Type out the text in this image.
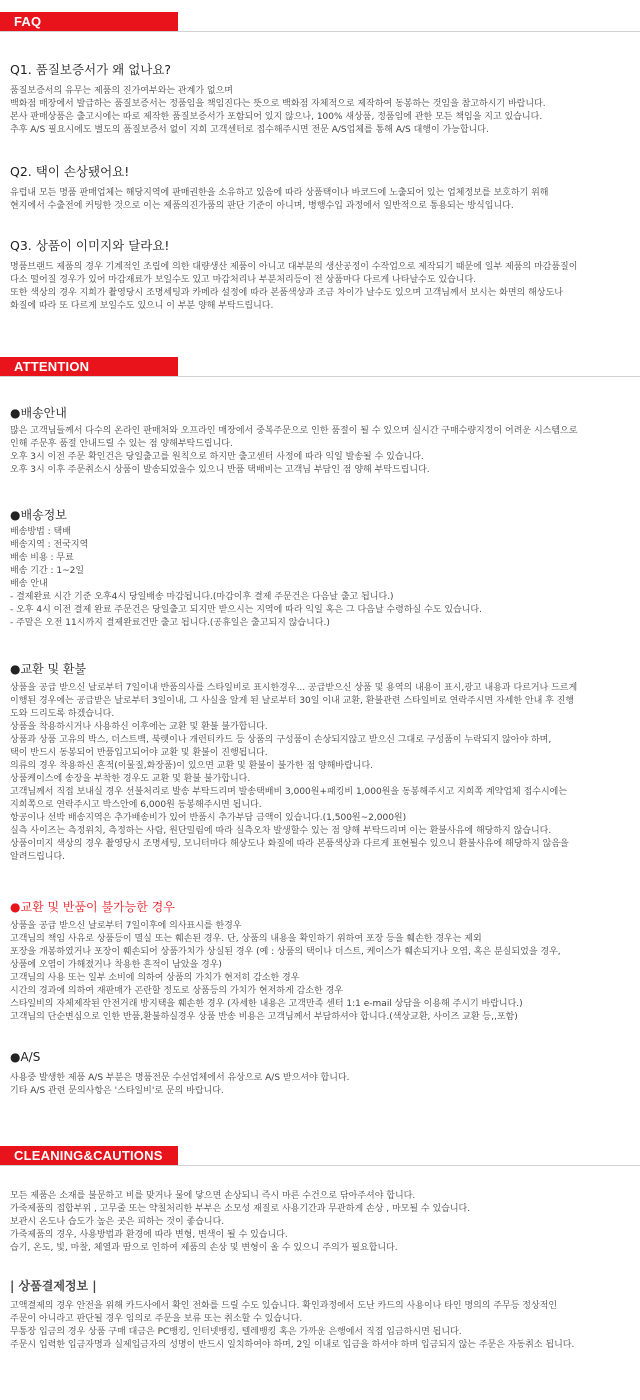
FAQ
Q1. 품질보증서가 왜 없나요?
품질보증서의 유무는 제품의 진가여부와는 관계가 없으며
백화점 매장에서 발급하는 품질보증서는 정품임을 책임진다는 뜻으로 백화점 자체적으로 제작하여 동봉하는 것임을 참고하시기 바랍니다.
본사 판매상품은 출고시에는 따로 제작한 품질보증서가 포함되어 있지 않으나, 100% 새상품, 정품임에 관한 모든 책임을 지고 있습니다.
추후 A/S 필요시에도 별도의 품질보증서 없이 지희 고객센터로 접수해주시면 전문 A/S업체를 통해 A/S 대행이 가능합니다.
Q2. 택이 손상됐어요!
유럽내 모든 명품 판매업체는 해당지역에 판매권한을 소유하고 있음에 따라 상품택이나 바코드에 노출되어 있는 업체정보를 보호하기 위해
현지에서 수출전에 커팅한 것으로 이는 제품의진가품의 판단 기준이 아니며, 병행수입 과정에서 일반적으로 통용되는 방식입니다.
Q3. 상품이 이미지와 달라요!
명품브랜드 제품의 경우 기계적인 조립에 의한 대량생산 제품이 아니고 대부분의 생산공정이 수작업으로 제작되기 때문에 일부 제품의 마감품질이
다소 떨어질 경우가 있어 마감재료가 보일수도 있고 마감처리나 부분처리등이 전 상품마다 다르게 나타날수도 있습니다.
또한 색상의 경우 지희가 촬영당시 조명세팅과 카메라 설정에 따라 본품색상과 조금 차이가 날수도 있으며 고객님께서 보시는 화면의 해상도나
화질에 따라 또 다르게 보일수도 있으니 이 부분 양해 부탁드립니다.
ATTENTION
●배송안내
많은 고객님들께서 다수의 온라인 판매처와 오프라인 매장에서 중복주문으로 인한 품절이 될 수 있으며 실시간 구매수량지정이 어려운 시스템으로
인해 주문후 품절 안내드릴 수 있는 점 양해부탁드립니다.
오후 3시 이전 주문 확인건은 당일출고를 원칙으로 하지만 출고센터 사정에 따라 익일 발송될 수 있습니다.
오후 3시 이후 주문취소시 상품이 발송되었을수 있으니 반품 택배비는 고객님 부담인 점 양해 부탁드립니다.
●배송정보
배송방법 : 택배
배송지역 : 전국지역
배송 비용 : 무료
배송 기간 : 1~2일
배송 안내
- 결제완료 시간 기준 오후4시 당일배송 마감됩니다.(마감이후 결제 주문건은 다음날 출고 됩니다.)
- 오후 4시 이전 결제 완료 주문건은 당일출고 되지만 받으시는 지역에 따라 익일 혹은 그 다음날 수령하실 수도 있습니다.
- 주말은 오전 11시까지 결제완료건만 출고 됩니다.(공휴일은 출고되지 않습니다.)
●교환 및 환불
상품을 공급 받으신 날로부터 7일이내 반품의사를 스타일비로 표시한경우... 공급받으신 상품 및 용역의 내용이 표시,광고 내용과 다르거나 드르게
이행된 경우에는 공급받은 날로부터 3일이내, 그 사실을 알게 된 날로부터 30일 이내 교환, 환불관련 스타일비로 연락주시면 자세한 안내 후 진행
도와 드리도록 하겠습니다.
상품을 착용하시거나 사용하신 이후에는 교환 및 환불 불가합니다.
상품과 상품 고유의 박스, 더스트백, 북렛이나 개런티카드 등 상품의 구성품이 손상되지않고 받으신 그대로 구성품이 누락되지 않아야 하며,
택이 반드시 동봉되어 반품입고되어야 교환 및 환불이 진행됩니다.
의류의 경우 착용하신 흔적(이물질,화장품)이 있으면 교환 및 환불이 불가한 점 양해바랍니다.
상품케이스에 송장을 부착한 경우도 교환 및 환불 불가합니다.
고객님께서 직접 보내실 경우 선불처리로 발송 부탁드리며 발송택배비 3,000원+패킹비 1,000원을 동봉해주시고 지희쪽 계약업체 접수시에는
지희쪽으로 연락주시고 박스안에 6,000원 동봉해주시면 됩니다.
항공이나 선박 배송지역은 추가배송비가 있어 반품시 추가부담 금액이 있습니다.(1,500원~2,000원)
실측 사이즈는 측정위치, 측정하는 사람, 원단밀림에 따라 실측오차 발생할수 있는 점 양해 부탁드리며 이는 환불사유에 해당하지 않습니다.
상품이미지 색상의 경우 촬영당시 조명세팅, 모니터마다 해상도나 화질에 따라 본품색상과 다르게 표현될수 있으니 환불사유에 해당하지 않음을
알려드립니다.
●교환 및 반품이 불가능한 경우
상품을 공급 받으신 날로부터 7일이후에 의사표시를 한경우
고객님의 책임 사유로 상품등이 멸실 또는 훼손된 경우. 단, 상품의 내용을 확인하기 위하여 포장 등을 훼손한 경우는 제외
포장을 개봉하였거나 포장이 훼손되어 상품가치가 상실된 경우 (예 : 상품의 택이나 더스트, 케이스가 훼손되거나 오염, 혹은 분실되었을 경우,
상품에 오염이 가해졌거나 착용한 흔적이 남았을 경우)
고객님의 사용 또는 일부 소비에 의하여 상품의 가치가 현저히 감소한 경우
시간의 경과에 의하여 재판매가 곤란할 정도로 상품등의 가치가 현저하게 감소한 경우
스타일비의 자체제작된 안전거래 방지택을 훼손한 경우 (자세한 내용은 고객만족 센터 1:1 e-mail 상담을 이용해 주시기 바랍니다.)
고객님의 단순변심으로 인한 반품,환불하실경우 상품 반송 비용은 고객님께서 부담하셔야 합니다.(색상교환, 사이즈 교환 등,,포함)
●A/S
사용중 발생한 제품 A/S 부분은 명품전문 수선업체에서 유상으로 A/S 받으셔야 합니다.
기타 A/S 관련 문의사항은 '스타일비'로 문의 바랍니다.
CLEANING&CAUTIONS
모든 제품은 소재를 불문하고 비를 맞거나 물에 닿으면 손상되니 즉시 마른 수건으로 닦아주셔야 합니다.
가죽제품의 접합부위 , 고무줄 또는 약칠처리한 부부은 소모성 재질로 사용기간과 무관하게 손상 , 마모될 수 있습니다.
보관시 온도나 습도가 높은 곳은 피하는 것이 좋습니다.
가죽제품의 경우, 사용방법과 환경에 따라 변형, 변색이 될 수 있습니다.
습기, 온도, 빛, 마찰, 체열과 땀으로 인하여 제품의 손상 및 변형이 올 수 있으니 주의가 필요합니다.
| 상품결제정보 |
고액결제의 경우 안전을 위해 카드사에서 확인 전화를 드릴 수도 있습니다. 확인과정에서 도난 카드의 사용이나 타인 명의의 주무등 정상적인
주문이 아니라고 판단될 경우 임의로 주문을 보류 또는 취소할 수 있습니다.
무통장 입금의 경우 상품 구매 대금은 PC뱅킹, 인터넷뱅킹, 텔레뱅킹 혹은 가까운 은행에서 직접 입금하시면 됩니다.
주문시 입력한 입금자명과 실제입금자의 성명이 반드시 일치하여야 하며, 2일 이내로 입금을 하셔야 하며 입금되지 않는 주문은 자동취소 됩니다.
